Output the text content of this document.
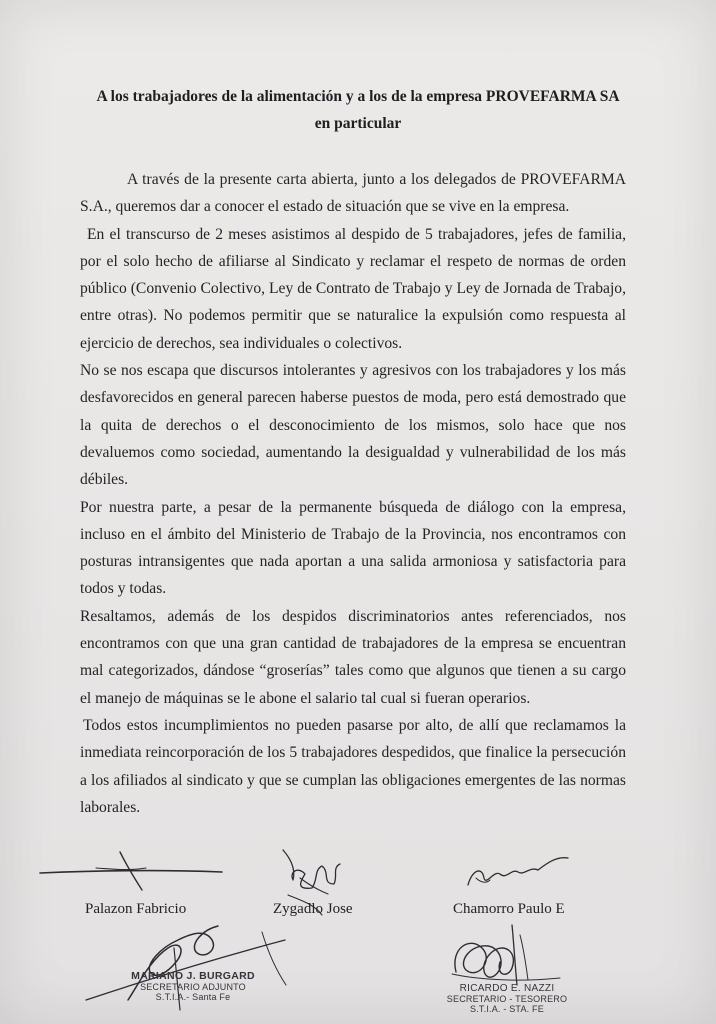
A los trabajadores de la alimentación y a los de la empresa PROVEFARMA SA
en particular

A través de la presente carta abierta, junto a los delegados de PROVEFARMA S.A., queremos dar a conocer el estado de situación que se vive en la empresa.

En el transcurso de 2 meses asistimos al despido de 5 trabajadores, jefes de familia, por el solo hecho de afiliarse al Sindicato y reclamar el respeto de normas de orden público (Convenio Colectivo, Ley de Contrato de Trabajo y Ley de Jornada de Trabajo, entre otras). No podemos permitir que se naturalice la expulsión como respuesta al ejercicio de derechos, sea individuales o colectivos.

No se nos escapa que discursos intolerantes y agresivos con los trabajadores y los más desfavorecidos en general parecen haberse puestos de moda, pero está demostrado que la quita de derechos o el desconocimiento de los mismos, solo hace que nos devaluemos como sociedad, aumentando la desigualdad y vulnerabilidad de los más débiles.

Por nuestra parte, a pesar de la permanente búsqueda de diálogo con la empresa, incluso en el ámbito del Ministerio de Trabajo de la Provincia, nos encontramos con posturas intransigentes que nada aportan a una salida armoniosa y satisfactoria para todos y todas.

Resaltamos, además de los despidos discriminatorios antes referenciados, nos encontramos con que una gran cantidad de trabajadores de la empresa se encuentran mal categorizados, dándose “groserías” tales como que algunos que tienen a su cargo el manejo de máquinas se le abone el salario tal cual si fueran operarios.

Todos estos incumplimientos no pueden pasarse por alto, de allí que reclamamos la inmediata reincorporación de los 5 trabajadores despedidos, que finalice la persecución a los afiliados al sindicato y que se cumplan las obligaciones emergentes de las normas laborales.

Palazon Fabricio	Zygadlo Jose	Chamorro Paulo E
MARIANO J. BURGARD
SECRETARIO ADJUNTO
S.T.I.A.- Santa Fe
RICARDO E. NAZZI
SECRETARIO - TESORERO
S.T.I.A. - STA. FE
